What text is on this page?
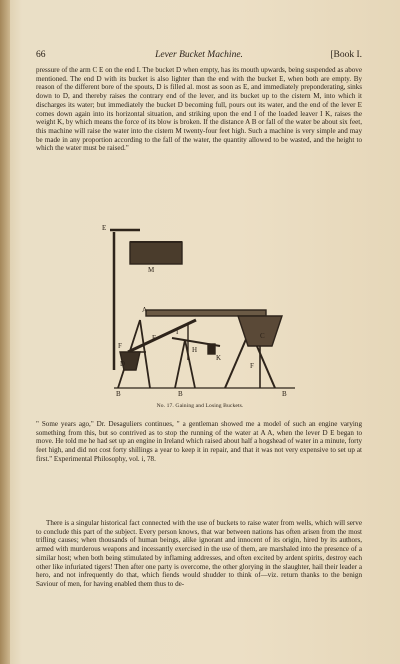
66	Lever Bucket Machine.	[Book I.

pressure of the arm C E on the end I. The bucket D when empty, has its mouth upwards, being suspended as above mentioned. The end D with its bucket is also lighter than the end with the bucket E, when both are empty. By reason of the different bore of the spouts, D is filled al. most as soon as E, and immediately preponderating, sinks down to D, and thereby raises the contrary end of the lever, and its bucket up to the cistern M, into which it discharges its water; but immediately the bucket D becoming full, pours out its water, and the end of the lever E comes down again into its horizontal situation, and striking upon the end I of the loaded leaver I K, raises the weight K, by which means the force of its blow is broken. If the distance A B or fall of the water be about six feet, this machine will raise the water into the cistern M twenty-four feet high. Such a machine is very simple and may be made in any proportion according to the fall of the water, the quantity allowed to be wasted, and the height to which the water must be raised."

E
M
A
I
E	C
F	H
K
D	F
B	B	B
No. 17. Gaining and Losing Buckets.

" Some years ago," Dr. Desaguliers continues, " a gentleman showed me a model of such an engine varying something from this, but so contrived as to stop the running of the water at A A, when the lever D E began to move. He told me he had set up an engine in Ireland which raised about half a hogshead of water in a minute, forty feet high, and did not cost forty shillings a year to keep it in repair, and that it was not very expensive to set up at first." Experimental Philosophy, vol. i, 78.

There is a singular historical fact connected with the use of buckets to raise water from wells, which will serve to conclude this part of the subject. Every person knows, that war between nations has often arisen from the most trifling causes; when thousands of human beings, alike ignorant and innocent of its origin, hired by its authors, armed with murderous weapons and incessantly exercised in the use of them, are marshaled into the presence of a similar host; when both being stimulated by inflaming addresses, and often excited by ardent spirits, destroy each other like infuriated tigers! Then after one party is overcome, the other glorying in the slaughter, hail their leader a hero, and not infrequently do that, which fiends would shudder to think of—viz. return thanks to the benign Saviour of men, for having enabled them thus to de-
